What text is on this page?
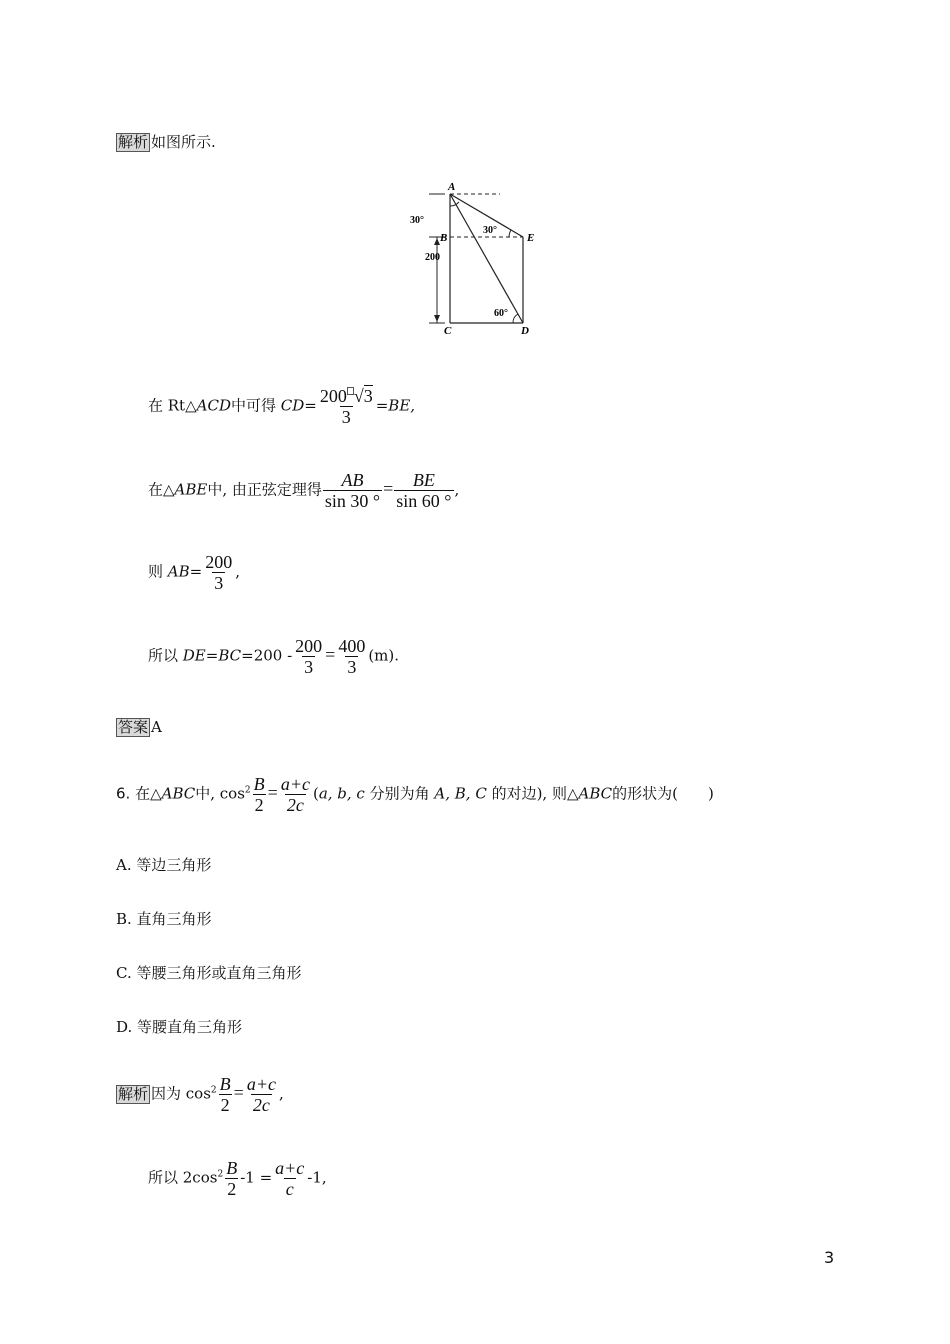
解析 如图所示.
A
B
C	D
E
30°
30°
60°
200
在 Rt△ACD中可得 $CD= \frac{200 √3}{3} =BE$,
在△ABE中, 由正弦定理得 $\frac{AB}{\sin 30 ^\circ} = \frac{BE}{\sin 60 ^\circ}$ ,
则 $AB= \frac{200}{3}$ ,
所以 $DE=BC=200 - \frac{200}{3} = \frac{400}{3} (m)$.
答案 A
6. 在△ABC中, $\cos^2 \frac{B}{2} = \frac{a+c}{2c} (a$, b, c 分别为角 A, B, C 的对边), 则△ABC的形状为(　　)
A. 等边三角形
B. 直角三角形
C. 等腰三角形或直角三角形
D. 等腰直角三角形
解析 因为 $\cos^2 \frac{B}{2} = \frac{a+c}{2c}$ ,
所以 $2\cos^2 \frac{B}{2} -1 = \frac{a+c}{c} -1$,
3
